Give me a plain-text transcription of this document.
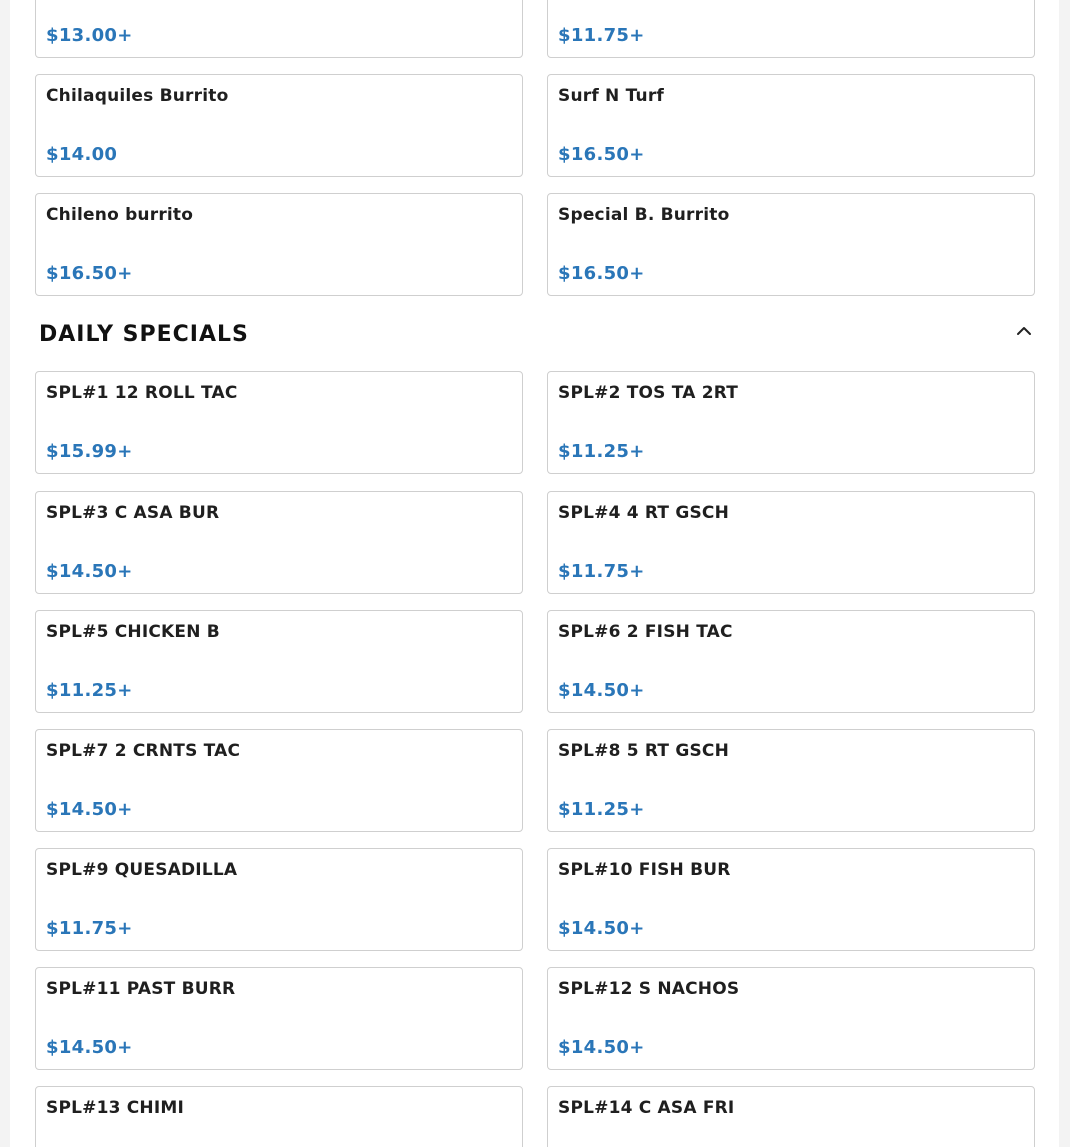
$13.00+	$11.75+
Chilaquiles Burrito
$14.00
Surf N Turf
$16.50+
Chileno burrito
$16.50+
Special B. Burrito
$16.50+
DAILY SPECIALS
SPL#1 12 ROLL TAC
$15.99+
SPL#2 TOS TA 2RT
$11.25+
SPL#3 C ASA BUR
$14.50+
SPL#4 4 RT GSCH
$11.75+
SPL#5 CHICKEN B
$11.25+
SPL#6 2 FISH TAC
$14.50+
SPL#7 2 CRNTS TAC
$14.50+
SPL#8 5 RT GSCH
$11.25+
SPL#9 QUESADILLA
$11.75+
SPL#10 FISH BUR
$14.50+
SPL#11 PAST BURR
$14.50+
SPL#12 S NACHOS
$14.50+
SPL#13 CHIMI	SPL#14 C ASA FRI
